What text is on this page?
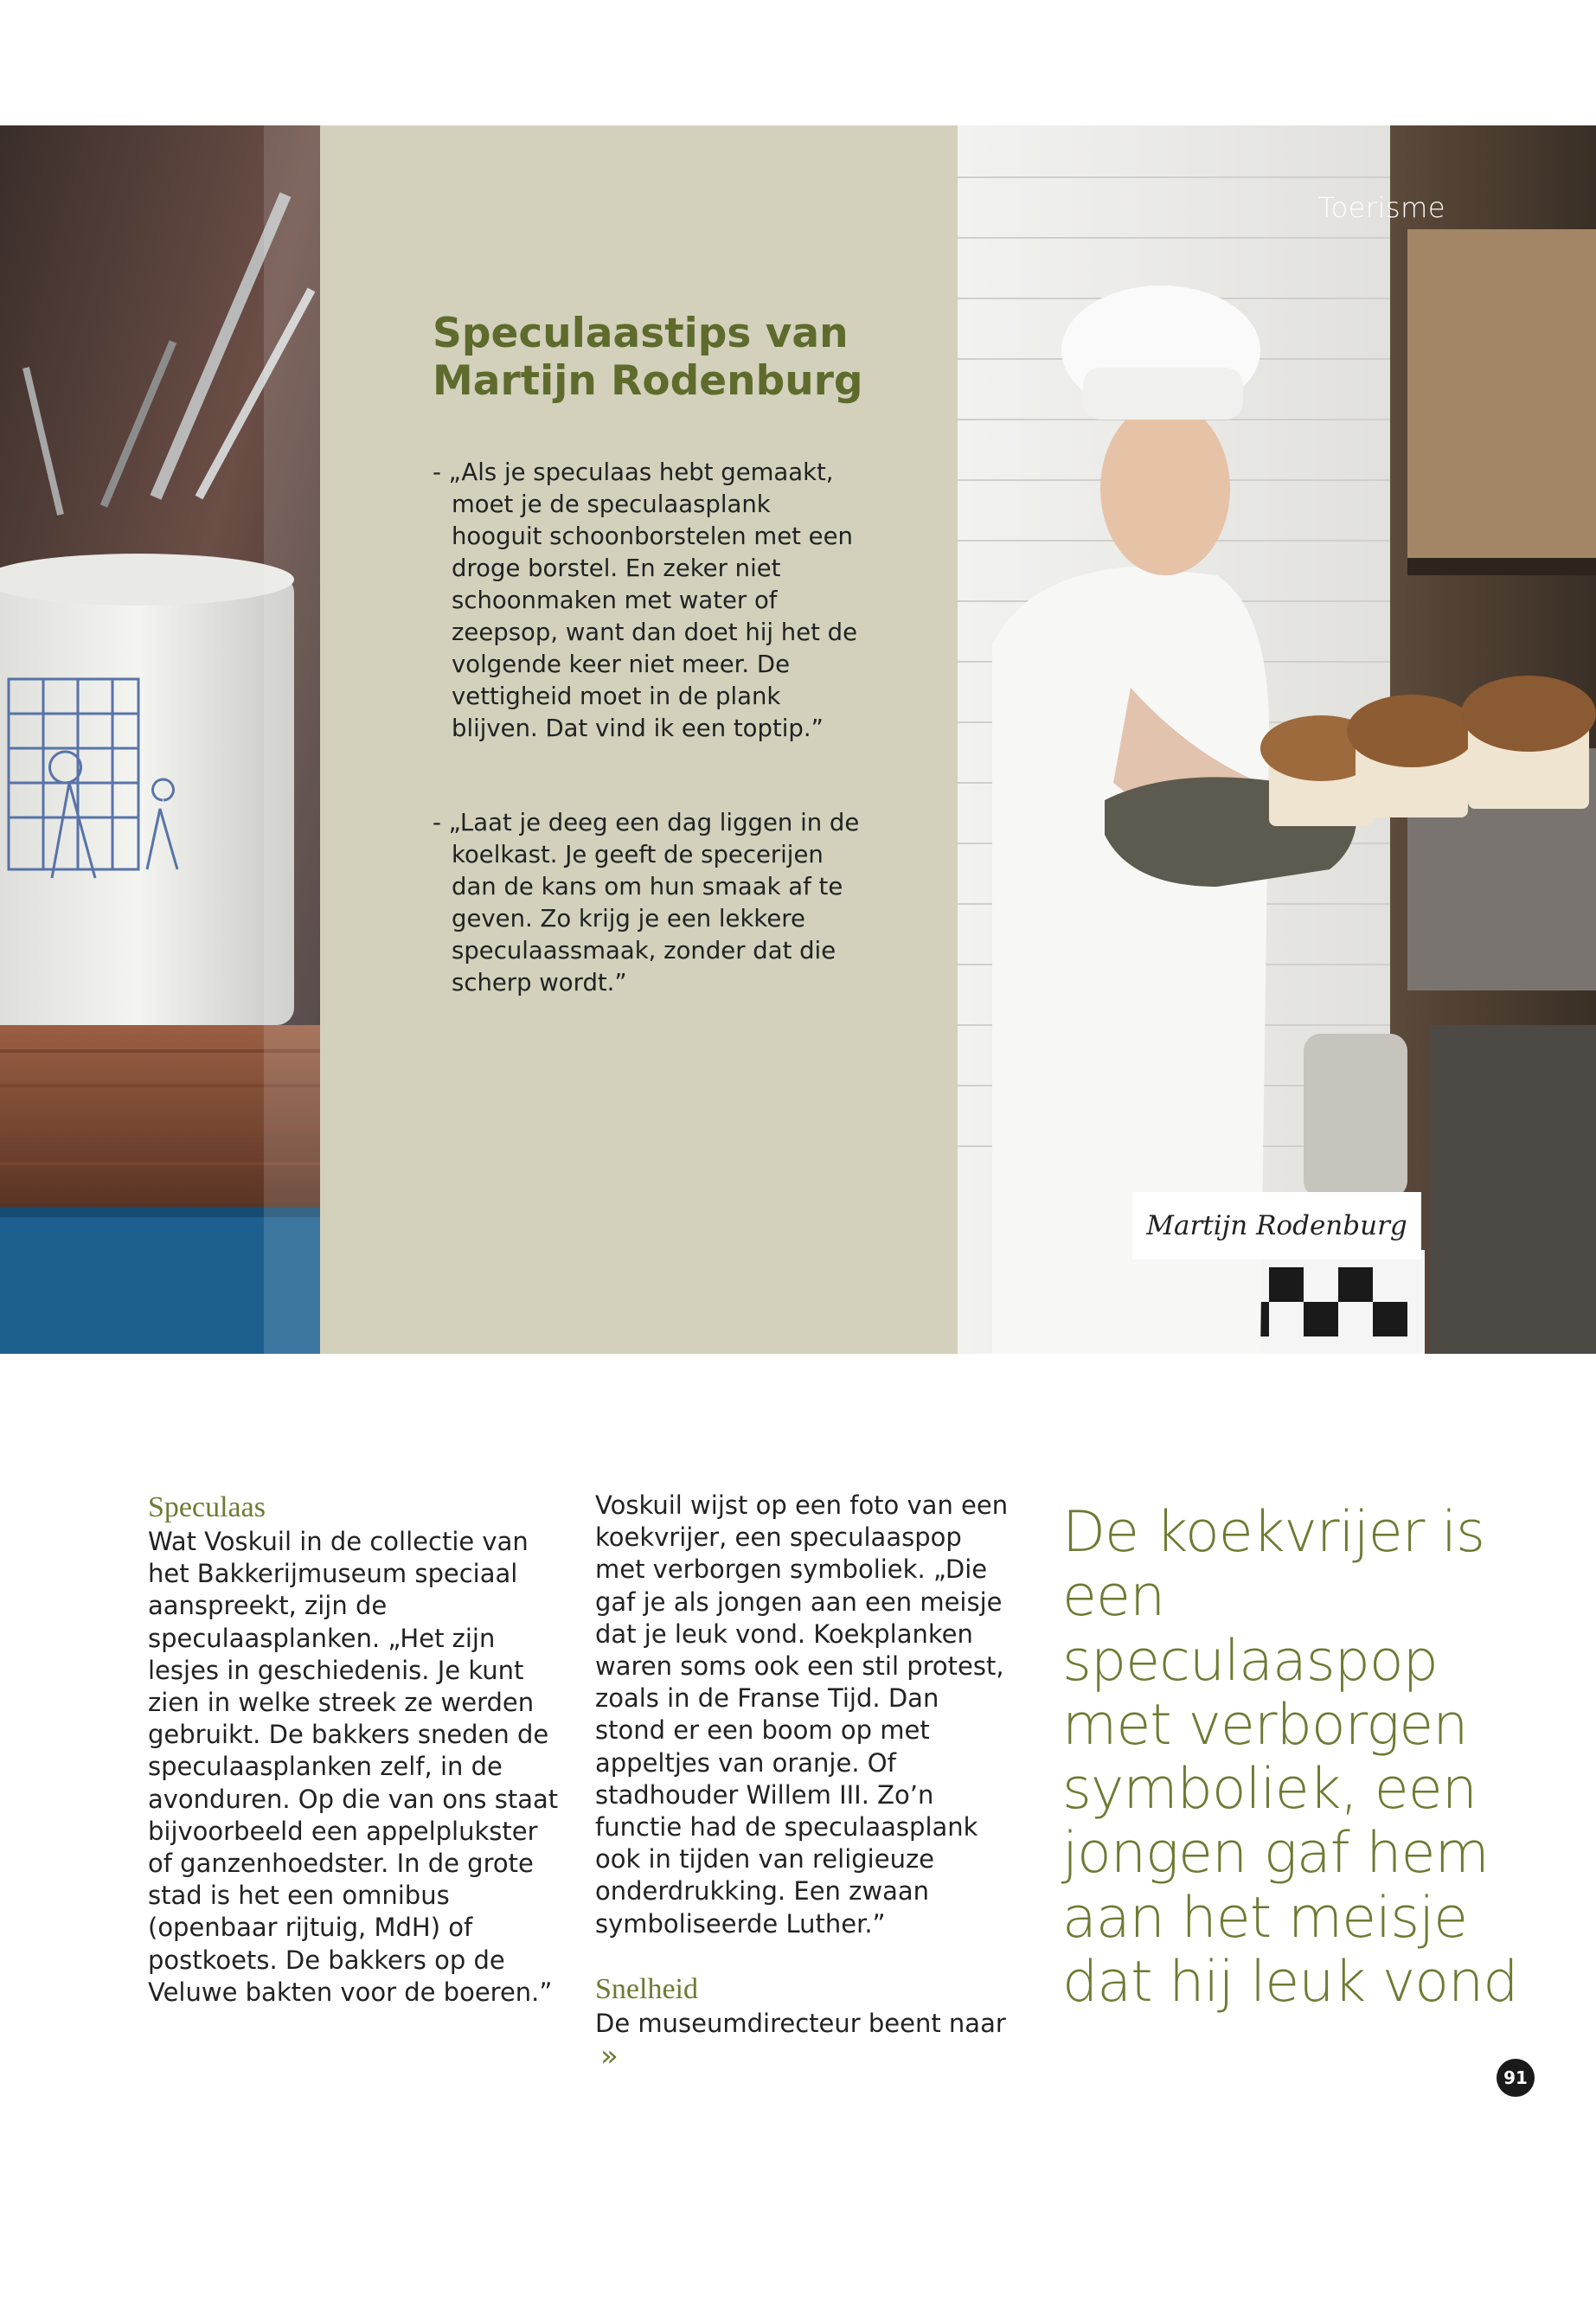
Speculaastips van Martijn Rodenburg

- „Als je speculaas hebt gemaakt, moet je de speculaasplank hooguit schoonborstelen met een droge borstel. En zeker niet schoonmaken met water of zeepsop, want dan doet hij het de volgende keer niet meer. De vettigheid moet in de plank blijven. Dat vind ik een toptip.”

- „Laat je deeg een dag liggen in de koelkast. Je geeft de specerijen dan de kans om hun smaak af te geven. Zo krijg je een lekkere speculaassmaak, zonder dat die scherp wordt.”

Toerisme
Martijn Rodenburg
Speculaas

Wat Voskuil in de collectie van het Bakkerijmuseum speciaal aanspreekt, zijn de speculaasplanken. „Het zijn lesjes in geschiedenis. Je kunt zien in welke streek ze werden gebruikt. De bakkers sneden de speculaasplanken zelf, in de avonduren. Op die van ons staat bijvoorbeeld een appelplukster of ganzenhoedster. In de grote stad is het een omnibus (openbaar rijtuig, MdH) of postkoets. De bakkers op de Veluwe bakten voor de boeren.”

Voskuil wijst op een foto van een koekvrijer, een speculaaspop met verborgen symboliek. „Die gaf je als jongen aan een meisje dat je leuk vond. Koekplanken waren soms ook een stil protest, zoals in de Franse Tijd. Dan stond er een boom op met appeltjes van oranje. Of stadhouder Willem III. Zo’n functie had de speculaasplank ook in tijden van religieuze onderdrukking. Een zwaan symboliseerde Luther.”

Snelheid

De museumdirecteur beent naar»

De koekvrijer is een speculaaspop met verborgen symboliek, een jongen gaf hem aan het meisje dat hij leuk vond

91
